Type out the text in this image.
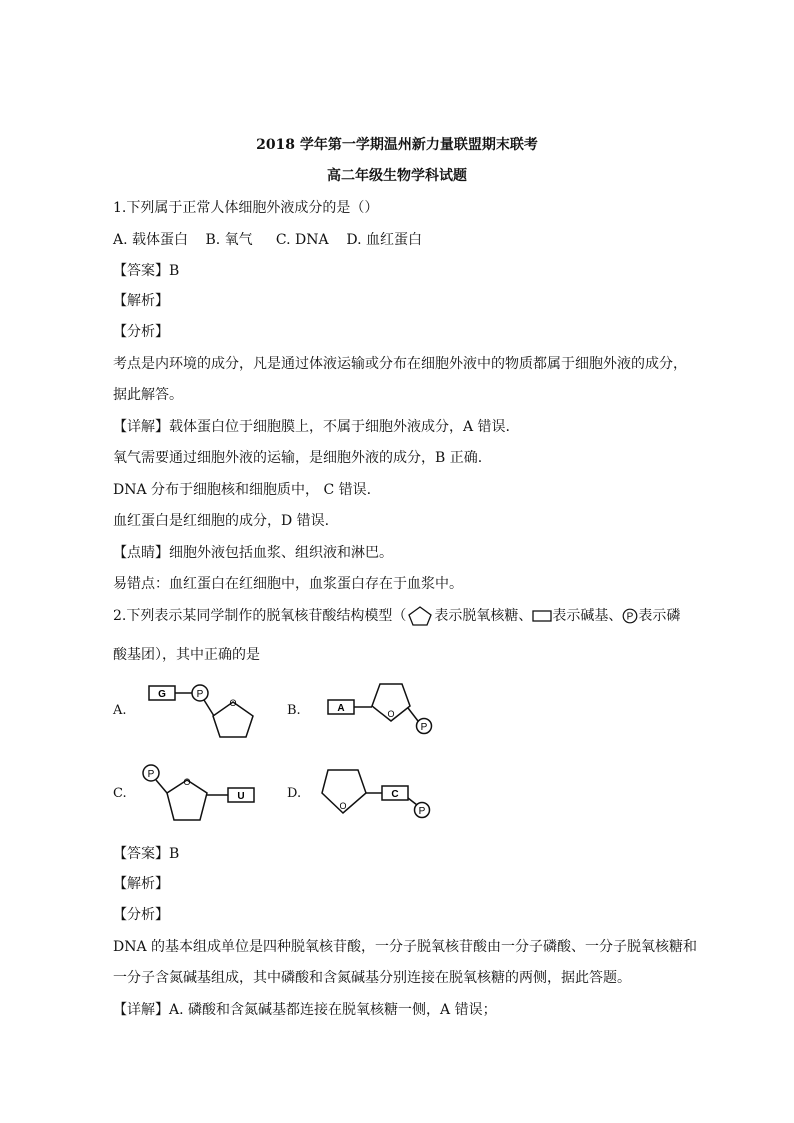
2018 学年第一学期温州新力量联盟期末联考
高二年级生物学科试题
1.下列属于正常人体细胞外液成分的是（）
A. 载体蛋白 B. 氧气 C. DNA D. 血红蛋白
【答案】B
【解析】
【分析】
考点是内环境的成分，凡是通过体液运输或分布在细胞外液中的物质都属于细胞外液的成分，
据此解答。
【详解】载体蛋白位于细胞膜上，不属于细胞外液成分，A 错误.
氧气需要通过细胞外液的运输，是细胞外液的成分，B 正确.
DNA 分布于细胞核和细胞质中， C 错误.
血红蛋白是红细胞的成分，D 错误.
【点睛】细胞外液包括血浆、组织液和淋巴。
易错点：血红蛋白在红细胞中，血浆蛋白存在于血浆中。
2.下列表示某同学制作的脱氧核苷酸结构模型（ 表示脱氧核糖、 表示碱基、 P 表示磷
酸基团），其中正确的是
A.
G	P
O	B.	A	O
P
C.
P
O
U	D.
O
C
P
【答案】B
【解析】
【分析】
DNA 的基本组成单位是四种脱氧核苷酸，一分子脱氧核苷酸由一分子磷酸、一分子脱氧核糖和
一分子含氮碱基组成，其中磷酸和含氮碱基分别连接在脱氧核糖的两侧，据此答题。
【详解】A. 磷酸和含氮碱基都连接在脱氧核糖一侧，A 错误；
